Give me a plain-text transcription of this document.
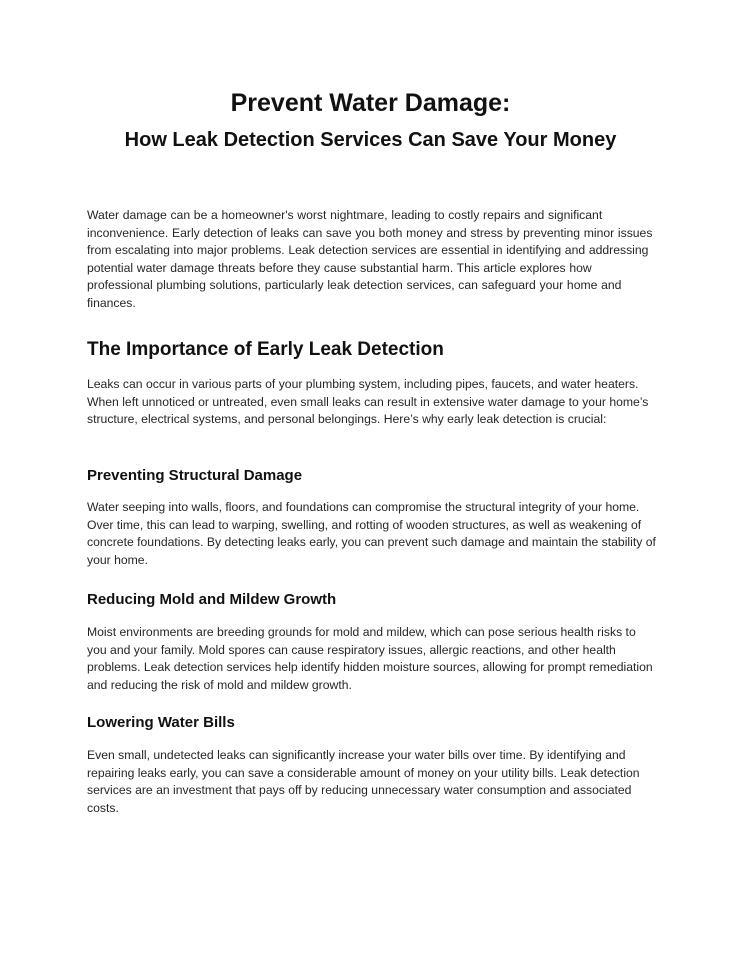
Prevent Water Damage:
How Leak Detection Services Can Save Your Money

Water damage can be a homeowner's worst nightmare, leading to costly repairs and significant inconvenience. Early detection of leaks can save you both money and stress by preventing minor issues from escalating into major problems. Leak detection services are essential in identifying and addressing potential water damage threats before they cause substantial harm. This article explores how professional plumbing solutions, particularly leak detection services, can safeguard your home and finances.

The Importance of Early Leak Detection

Leaks can occur in various parts of your plumbing system, including pipes, faucets, and water heaters. When left unnoticed or untreated, even small leaks can result in extensive water damage to your home’s structure, electrical systems, and personal belongings. Here’s why early leak detection is crucial:

Preventing Structural Damage

Water seeping into walls, floors, and foundations can compromise the structural integrity of your home. Over time, this can lead to warping, swelling, and rotting of wooden structures, as well as weakening of concrete foundations. By detecting leaks early, you can prevent such damage and maintain the stability of your home.

Reducing Mold and Mildew Growth

Moist environments are breeding grounds for mold and mildew, which can pose serious health risks to you and your family. Mold spores can cause respiratory issues, allergic reactions, and other health problems. Leak detection services help identify hidden moisture sources, allowing for prompt remediation and reducing the risk of mold and mildew growth.

Lowering Water Bills

Even small, undetected leaks can significantly increase your water bills over time. By identifying and repairing leaks early, you can save a considerable amount of money on your utility bills. Leak detection services are an investment that pays off by reducing unnecessary water consumption and associated costs.
